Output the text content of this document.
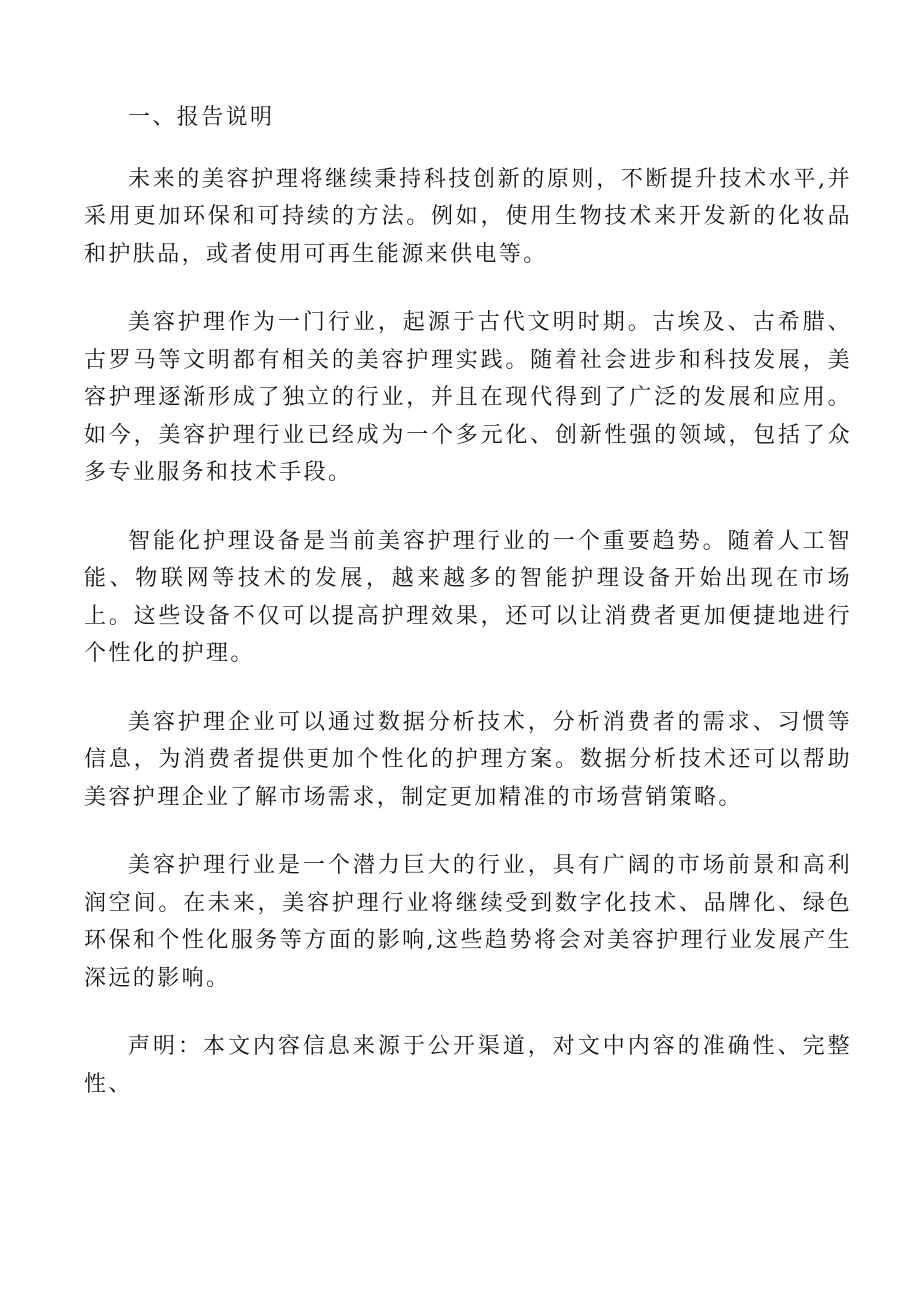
一、报告说明

未来的美容护理将继续秉持科技创新的原则，不断提升技术水平,并采用更加环保和可持续的方法。例如，使用生物技术来开发新的化妆品和护肤品，或者使用可再生能源来供电等。

美容护理作为一门行业，起源于古代文明时期。古埃及、古希腊、古罗马等文明都有相关的美容护理实践。随着社会进步和科技发展，美容护理逐渐形成了独立的行业，并且在现代得到了广泛的发展和应用。如今，美容护理行业已经成为一个多元化、创新性强的领域，包括了众多专业服务和技术手段。

智能化护理设备是当前美容护理行业的一个重要趋势。随着人工智能、物联网等技术的发展，越来越多的智能护理设备开始出现在市场上。这些设备不仅可以提高护理效果，还可以让消费者更加便捷地进行个性化的护理。

美容护理企业可以通过数据分析技术，分析消费者的需求、习惯等信息，为消费者提供更加个性化的护理方案。数据分析技术还可以帮助美容护理企业了解市场需求，制定更加精准的市场营销策略。

美容护理行业是一个潜力巨大的行业，具有广阔的市场前景和高利润空间。在未来，美容护理行业将继续受到数字化技术、品牌化、绿色环保和个性化服务等方面的影响,这些趋势将会对美容护理行业发展产生深远的影响。

声明：本文内容信息来源于公开渠道，对文中内容的准确性、完整性、
